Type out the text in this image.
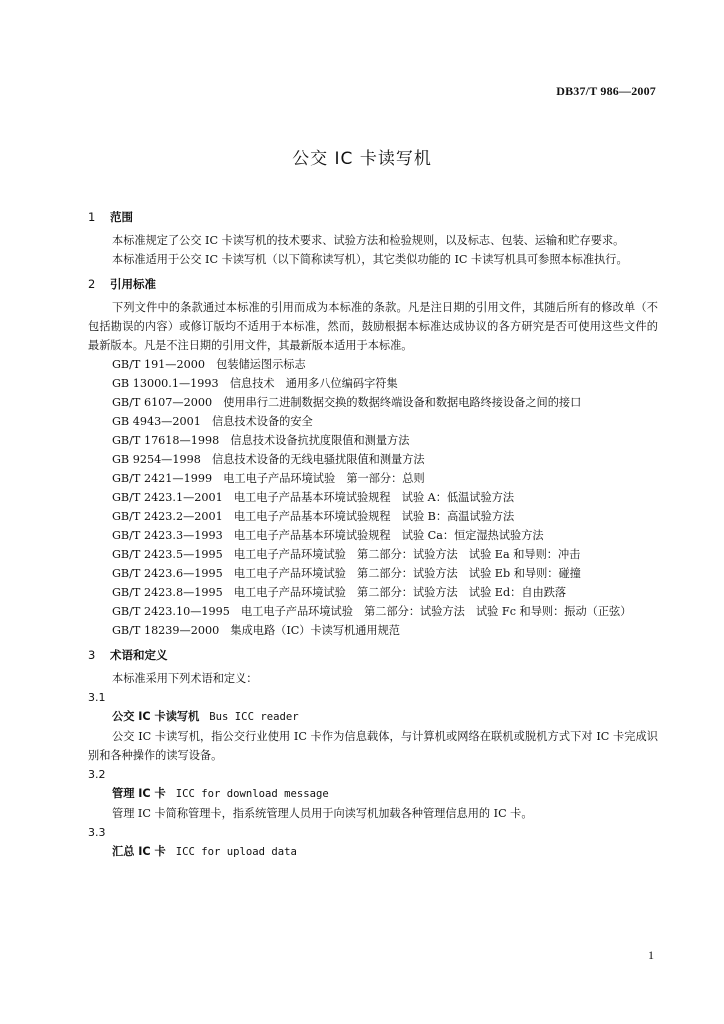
DB37/T 986—2007
公交 IC 卡读写机
1 范围

本标准规定了公交 IC 卡读写机的技术要求、试验方法和检验规则，以及标志、包装、运输和贮存要求。

本标准适用于公交 IC 卡读写机（以下简称读写机），其它类似功能的 IC 卡读写机具可参照本标准执行。

2 引用标准

下列文件中的条款通过本标准的引用而成为本标准的条款。凡是注日期的引用文件，其随后所有的修改单（不包括勘误的内容）或修订版均不适用于本标准，然而，鼓励根据本标准达成协议的各方研究是否可使用这些文件的最新版本。凡是不注日期的引用文件，其最新版本适用于本标准。

GB/T 191—2000　包装储运图示标志
GB 13000.1—1993　信息技术　通用多八位编码字符集
GB/T 6107—2000　使用串行二进制数据交换的数据终端设备和数据电路终接设备之间的接口
GB 4943—2001　信息技术设备的安全
GB/T 17618—1998　信息技术设备抗扰度限值和测量方法
GB 9254—1998　信息技术设备的无线电骚扰限值和测量方法
GB/T 2421—1999　电工电子产品环境试验　第一部分：总则
GB/T 2423.1—2001　电工电子产品基本环境试验规程　试验 A：低温试验方法
GB/T 2423.2—2001　电工电子产品基本环境试验规程　试验 B：高温试验方法
GB/T 2423.3—1993　电工电子产品基本环境试验规程　试验 Ca：恒定湿热试验方法
GB/T 2423.5—1995　电工电子产品环境试验　第二部分：试验方法　试验 Ea 和导则：冲击
GB/T 2423.6—1995　电工电子产品环境试验　第二部分：试验方法　试验 Eb 和导则：碰撞
GB/T 2423.8—1995　电工电子产品环境试验　第二部分：试验方法　试验 Ed：自由跌落
GB/T 2423.10—1995　电工电子产品环境试验　第二部分：试验方法　试验 Fc 和导则：振动（正弦）
GB/T 18239—2000　集成电路（IC）卡读写机通用规范
3 术语和定义

本标准采用下列术语和定义：

3.1

公交 IC 卡读写机 Bus ICC reader

公交 IC 卡读写机，指公交行业使用 IC 卡作为信息载体，与计算机或网络在联机或脱机方式下对 IC 卡完成识别和各种操作的读写设备。

3.2

管理 IC 卡 ICC for download message

管理 IC 卡简称管理卡，指系统管理人员用于向读写机加载各种管理信息用的 IC 卡。

3.3

汇总 IC 卡 ICC for upload data

1
